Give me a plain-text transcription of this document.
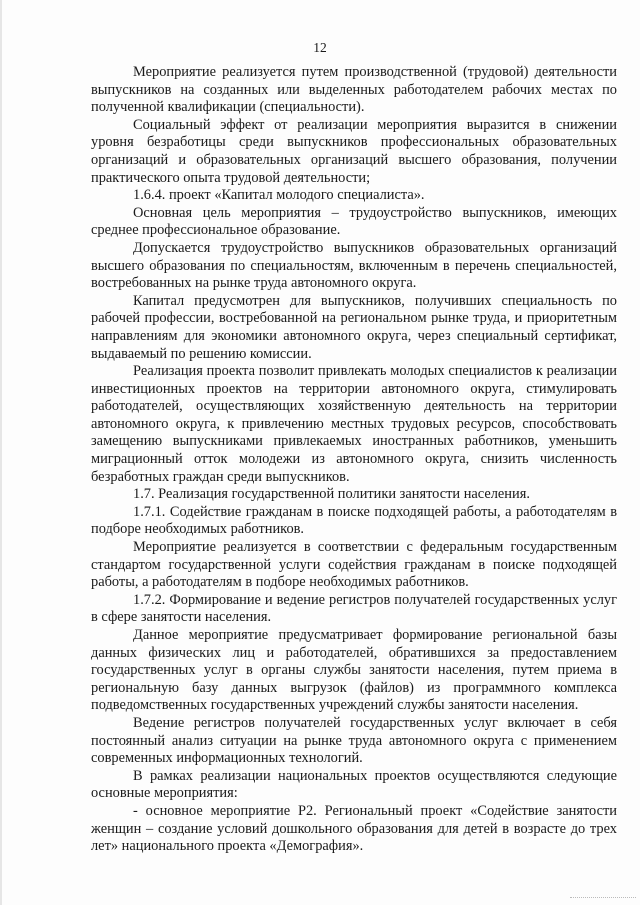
12

Мероприятие реализуется путем производственной (трудовой) деятельности выпускников на созданных или выделенных работодателем рабочих местах по полученной квалификации (специальности).

Социальный эффект от реализации мероприятия выразится в снижении уровня безработицы среди выпускников профессиональных образовательных организаций и образовательных организаций высшего образования, получении практического опыта трудовой деятельности;

1.6.4. проект «Капитал молодого специалиста».

Основная цель мероприятия – трудоустройство выпускников, имеющих среднее профессиональное образование.

Допускается трудоустройство выпускников образовательных организаций высшего образования по специальностям, включенным в перечень специальностей, востребованных на рынке труда автономного округа.

Капитал предусмотрен для выпускников, получивших специальность по рабочей профессии, востребованной на региональном рынке труда, и приоритетным направлениям для экономики автономного округа, через специальный сертификат, выдаваемый по решению комиссии.

Реализация проекта позволит привлекать молодых специалистов к реализации инвестиционных проектов на территории автономного округа, стимулировать работодателей, осуществляющих хозяйственную деятельность на территории автономного округа, к привлечению местных трудовых ресурсов, способствовать замещению выпускниками привлекаемых иностранных работников, уменьшить миграционный отток молодежи из автономного округа, снизить численность безработных граждан среди выпускников.

1.7. Реализация государственной политики занятости населения.

1.7.1. Содействие гражданам в поиске подходящей работы, а работодателям в подборе необходимых работников.

Мероприятие реализуется в соответствии с федеральным государственным стандартом государственной услуги содействия гражданам в поиске подходящей работы, а работодателям в подборе необходимых работников.

1.7.2. Формирование и ведение регистров получателей государственных услуг в сфере занятости населения.

Данное мероприятие предусматривает формирование региональной базы данных физических лиц и работодателей, обратившихся за предоставлением государственных услуг в органы службы занятости населения, путем приема в региональную базу данных выгрузок (файлов) из программного комплекса подведомственных государственных учреждений службы занятости населения.

Ведение регистров получателей государственных услуг включает в себя постоянный анализ ситуации на рынке труда автономного округа с применением современных информационных технологий.

В рамках реализации национальных проектов осуществляются следующие основные мероприятия:

- основное мероприятие Р2. Региональный проект «Содействие занятости женщин – создание условий дошкольного образования для детей в возрасте до трех лет» национального проекта «Демография».
